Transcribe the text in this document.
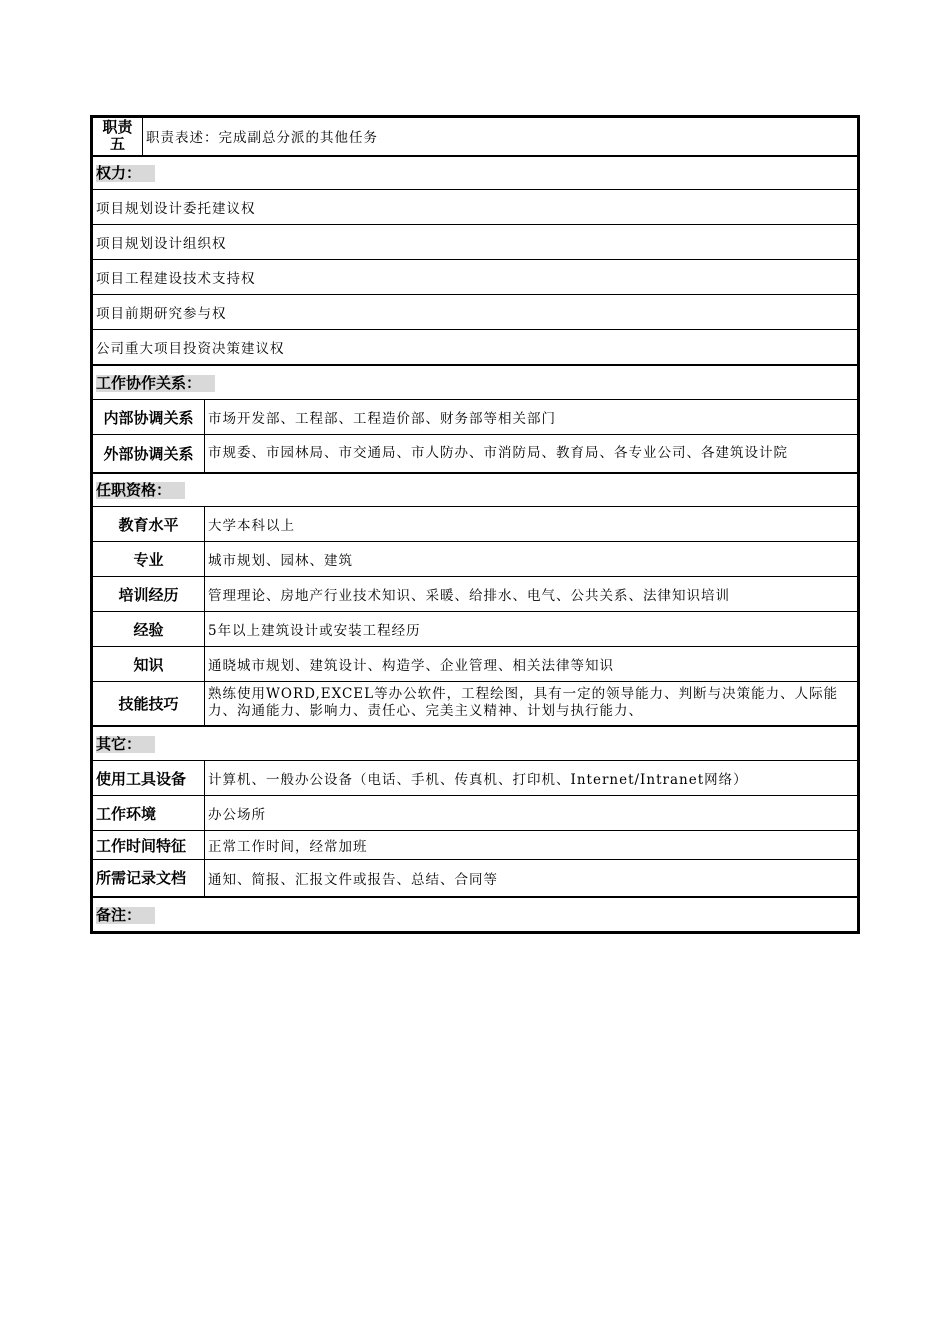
职责
五	职责表述：完成副总分派的其他任务	
权力：		
项目规划设计委托建议权		
项目规划设计组织权		
项目工程建设技术支持权		
项目前期研究参与权		
公司重大项目投资决策建议权		
工作协作关系：		
内部协调关系		市场开发部、工程部、工程造价部、财务部等相关部门
外部协调关系		市规委、市园林局、市交通局、市人防办、市消防局、教育局、各专业公司、各建筑设计院
任职资格：		
教育水平		大学本科以上
专业		城市规划、园林、建筑
培训经历		管理理论、房地产行业技术知识、采暖、给排水、电气、公共关系、法律知识培训
经验		5年以上建筑设计或安装工程经历
知识		通晓城市规划、建筑设计、构造学、企业管理、相关法律等知识
技能技巧		熟练使用WORD,EXCEL等办公软件，工程绘图，具有一定的领导能力、判断与决策能力、人际能力、沟通能力、影响力、责任心、完美主义精神、计划与执行能力、
其它：		
使用工具设备		计算机、一般办公设备（电话、手机、传真机、打印机、Internet/Intranet网络）
工作环境		办公场所
工作时间特征		正常工作时间，经常加班
所需记录文档		通知、简报、汇报文件或报告、总结、合同等
备注：		
